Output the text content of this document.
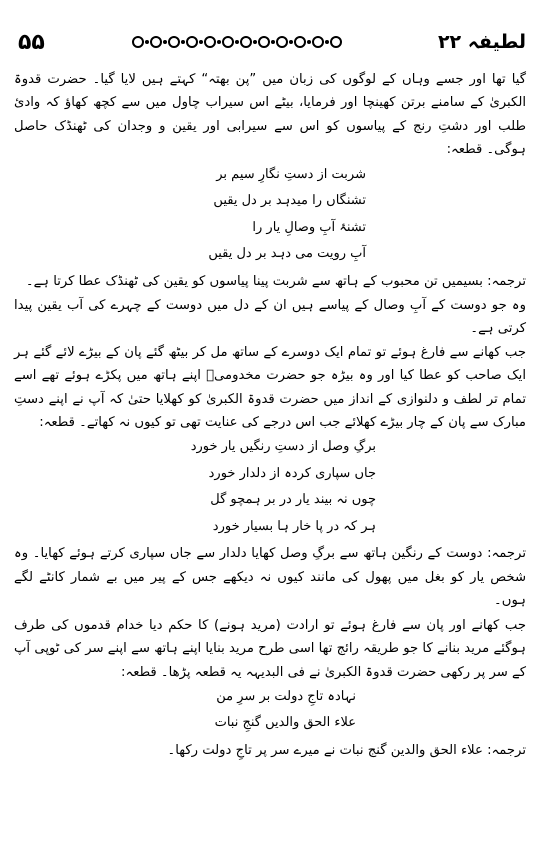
۵۵	لطیفہ ۲۲

گیا تھا اور جسے وہاں کے لوگوں کی زبان میں ”پن بھتہ“ کہتے ہیں لایا گیا۔ حضرت قدوۃ الکبریٰ کے سامنے برتن کھینچا اور فرمایا، بیٹے اس سیراب چاول میں سے کچھ کھاؤ کہ وادیٔ طلب اور دشتِ رنج کے پیاسوں کو اس سے سیرابی اور یقین و وجدان کی ٹھنڈک حاصل ہوگی۔ قطعہ:

شربت از دستِ نگارِ سیم بر
تشنگاں را میدہد بر دل یقیں
تشنۂ آبِ وصالِ یار را
آبِ رویت می دہد بر دل یقیں

ترجمہ: بسیمیں تن محبوب کے ہاتھ سے شربت پینا پیاسوں کو یقین کی ٹھنڈک عطا کرتا ہے۔

وہ جو دوست کے آبِ وصال کے پیاسے ہیں ان کے دل میں دوست کے چہرے کی آب یقین پیدا کرتی ہے۔

جب کھانے سے فارغ ہوئے تو تمام ایک دوسرے کے ساتھ مل کر بیٹھ گئے پان کے بیڑے لائے گئے ہر ایک صاحب کو عطا کیا اور وہ بیڑہ جو حضرت مخدومیؒ اپنے ہاتھ میں پکڑے ہوئے تھے اسے تمام تر لطف و دلنوازی کے انداز میں حضرت قدوۃ الکبریٰ کو کھلایا حتیٰ کہ آپ نے اپنے دستِ مبارک سے پان کے چار بیڑے کھلائے جب اس درجے کی عنایت تھی تو کیوں نہ کھاتے۔ قطعہ:

برگِ وصل از دستِ رنگیں یار خورد
جاں سپاری کردہ از دلدار خورد
چوں نہ بیند یار در بر ہمچو گل
ہر کہ در پا خار ہا بسیار خورد

ترجمہ: دوست کے رنگین ہاتھ سے برگِ وصل کھایا دلدار سے جاں سپاری کرتے ہوئے کھایا۔ وہ شخص یار کو بغل میں پھول کی مانند کیوں نہ دیکھے جس کے پیر میں بے شمار کانٹے لگے ہوں۔

جب کھانے اور پان سے فارغ ہوئے تو ارادت (مرید ہونے) کا حکم دیا خدام قدموں کی طرف ہوگئے مرید بنانے کا جو طریقہ رائج تھا اسی طرح مرید بنایا اپنے ہاتھ سے اپنے سر کی ٹوپی آپ کے سر پر رکھی حضرت قدوۃ الکبریٰ نے فی البدیہہ یہ قطعہ پڑھا۔ قطعہ:

نہادہ تاجِ دولت بر سرِ من
علاء الحق والدیں گنجِ نبات

ترجمہ: علاء الحق والدین گنج نبات نے میرے سر پر تاجِ دولت رکھا۔
